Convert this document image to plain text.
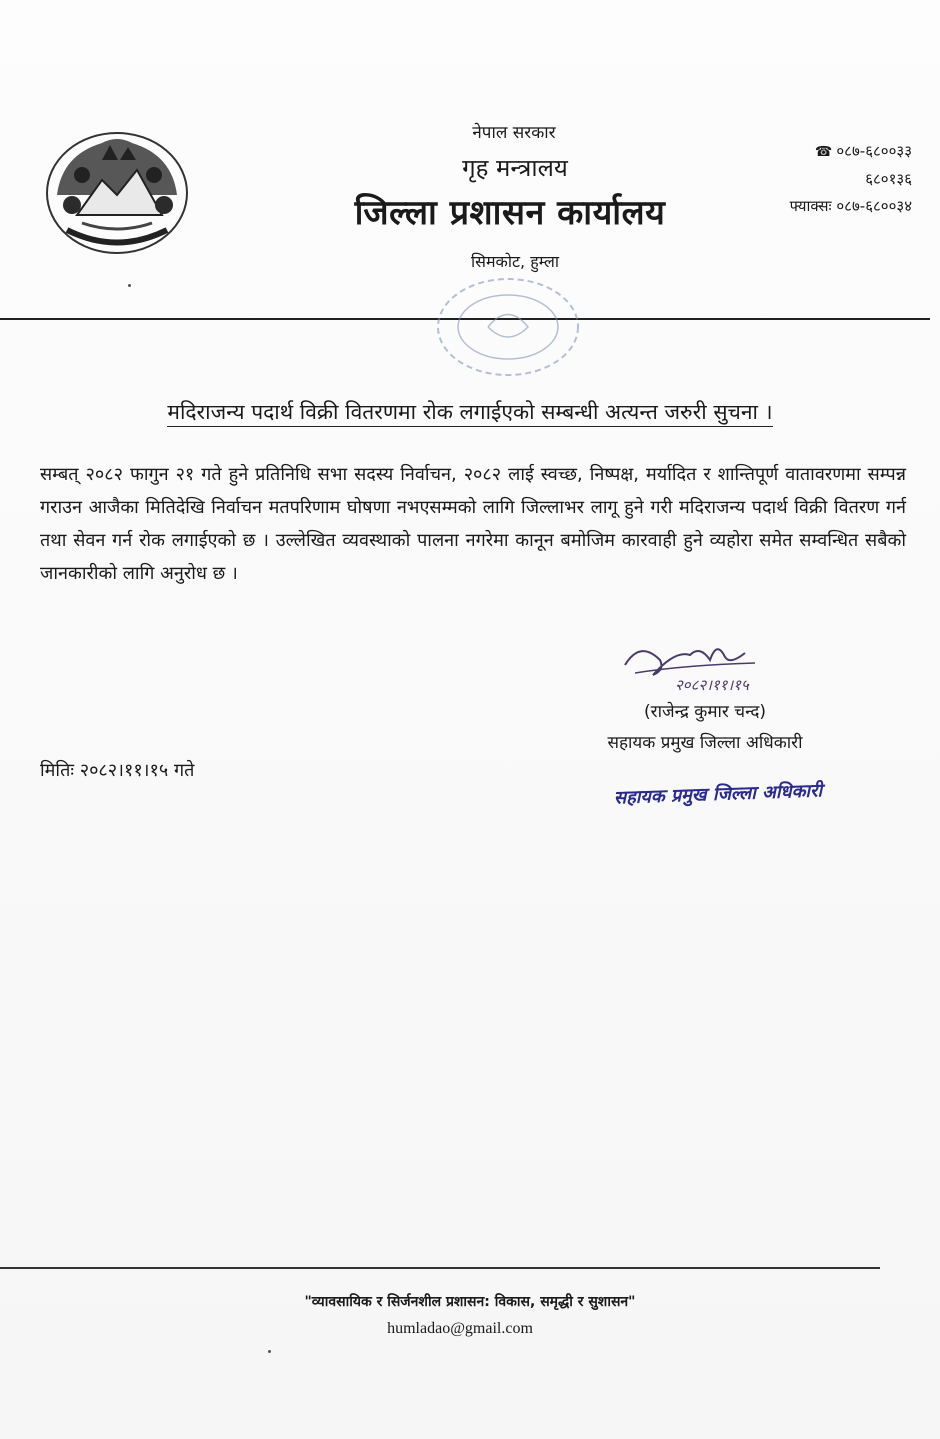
नेपाल सरकार
गृह मन्त्रालय
जिल्ला प्रशासन कार्यालय
सिमकोट, हुम्ला
☎ ०८७-६८००३३
६८०१३६
फ्याक्सः ०८७-६८००३४
मदिराजन्य पदार्थ विक्री वितरणमा रोक लगाईएको सम्बन्धी अत्यन्त जरुरी सुचना ।
सम्बत् २०८२ फागुन २१ गते हुने प्रतिनिधि सभा सदस्य निर्वाचन, २०८२ लाई स्वच्छ, निष्पक्ष, मर्यादित र शान्तिपूर्ण वातावरणमा सम्पन्न गराउन आजैका मितिदेखि निर्वाचन मतपरिणाम घोषणा नभएसम्मको लागि जिल्लाभर लागू हुने गरी मदिराजन्य पदार्थ विक्री वितरण गर्न तथा सेवन गर्न रोक लगाईएको छ । उल्लेखित व्यवस्थाको पालना नगरेमा कानून बमोजिम कारवाही हुने व्यहोरा समेत सम्वन्धित सबैको जानकारीको लागि अनुरोध छ ।
२०८२।११।१५
(राजेन्द्र कुमार चन्द)
सहायक प्रमुख जिल्ला अधिकारी
मितिः २०८२।११।१५ गते
सहायक प्रमुख जिल्ला अधिकारी
"व्यावसायिक र सिर्जनशील प्रशासन: विकास, समृद्धी र सुशासन"
humladao@gmail.com
